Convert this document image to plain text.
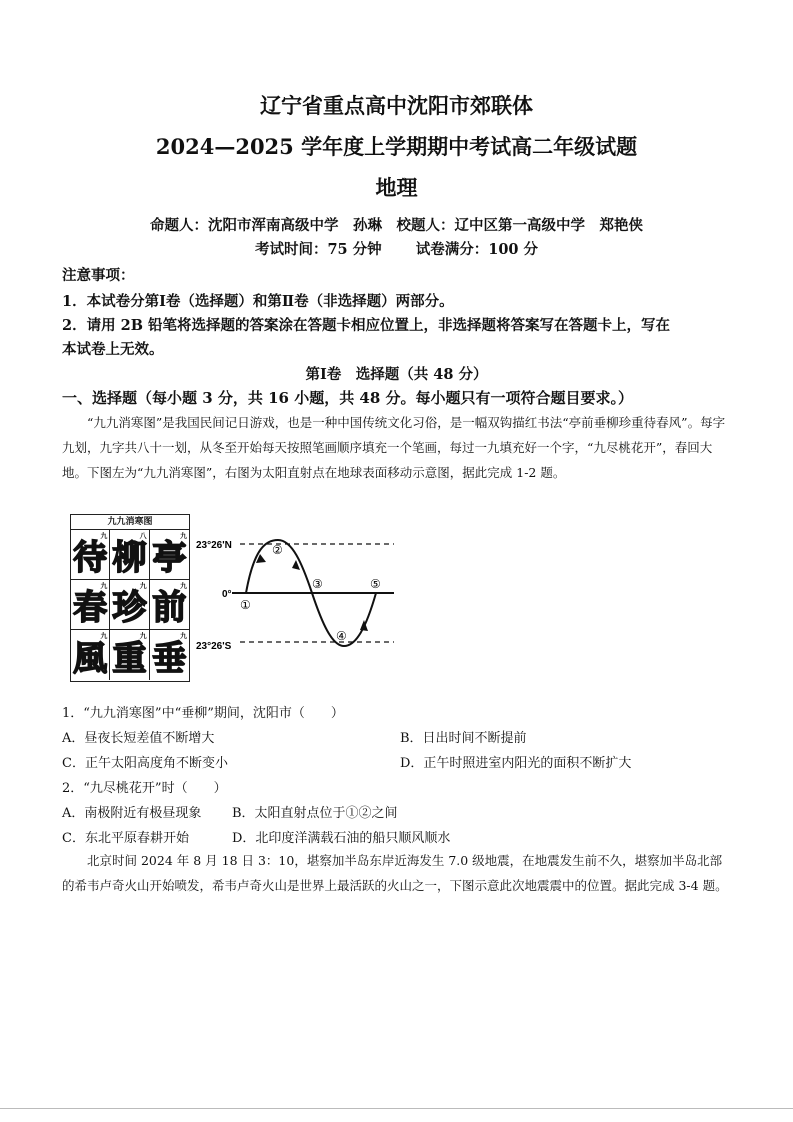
辽宁省重点高中沈阳市郊联体
2024—2025 学年度上学期期中考试高二年级试题
地理
命题人：沈阳市浑南高级中学　孙琳　校题人：辽中区第一高级中学　郑艳侠
考试时间：75 分钟　　 试卷满分：100 分
注意事项：
1．本试卷分第Ⅰ卷（选择题）和第Ⅱ卷（非选择题）两部分。
2．请用 2B 铅笔将选择题的答案涂在答题卡相应位置上，非选择题将答案写在答题卡上，写在
本试卷上无效。
第Ⅰ卷　选择题（共 48 分）
一、选择题（每小题 3 分，共 16 小题，共 48 分。每小题只有一项符合题目要求。）
“九九消寒图”是我国民间记日游戏，也是一种中国传统文化习俗，是一幅双钩描红书法“亭前垂柳珍重待春风”。每字九划，九字共八十一划，从冬至开始每天按照笔画顺序填充一个笔画，每过一九填充好一个字，“九尽桃花开”，春回大地。下图左为“九九消寒图”，右图为太阳直射点在地球表面移动示意图，据此完成 1-2 题。
九九消寒图
九
待
八
柳
九
亭
九
春
九
珍
九
前
九
風
九
重
九
垂
23°26'N
0°
23°26'S
①
②
③
④
⑤
1．“九九消寒图”中“垂柳”期间，沈阳市（　　）
A．昼夜长短差值不断增大	B．日出时间不断提前
C．正午太阳高度角不断变小	D．正午时照进室内阳光的面积不断扩大
2．“九尽桃花开”时（　　）
A．南极附近有极昼现象 B．太阳直射点位于①②之间
C．东北平原春耕开始	D．北印度洋满载石油的船只顺风顺水
北京时间 2024 年 8 月 18 日 3：10，堪察加半岛东岸近海发生 7.0 级地震，在地震发生前不久，堪察加半岛北部的希韦卢奇火山开始喷发，希韦卢奇火山是世界上最活跃的火山之一，下图示意此次地震震中的位置。据此完成 3-4 题。
